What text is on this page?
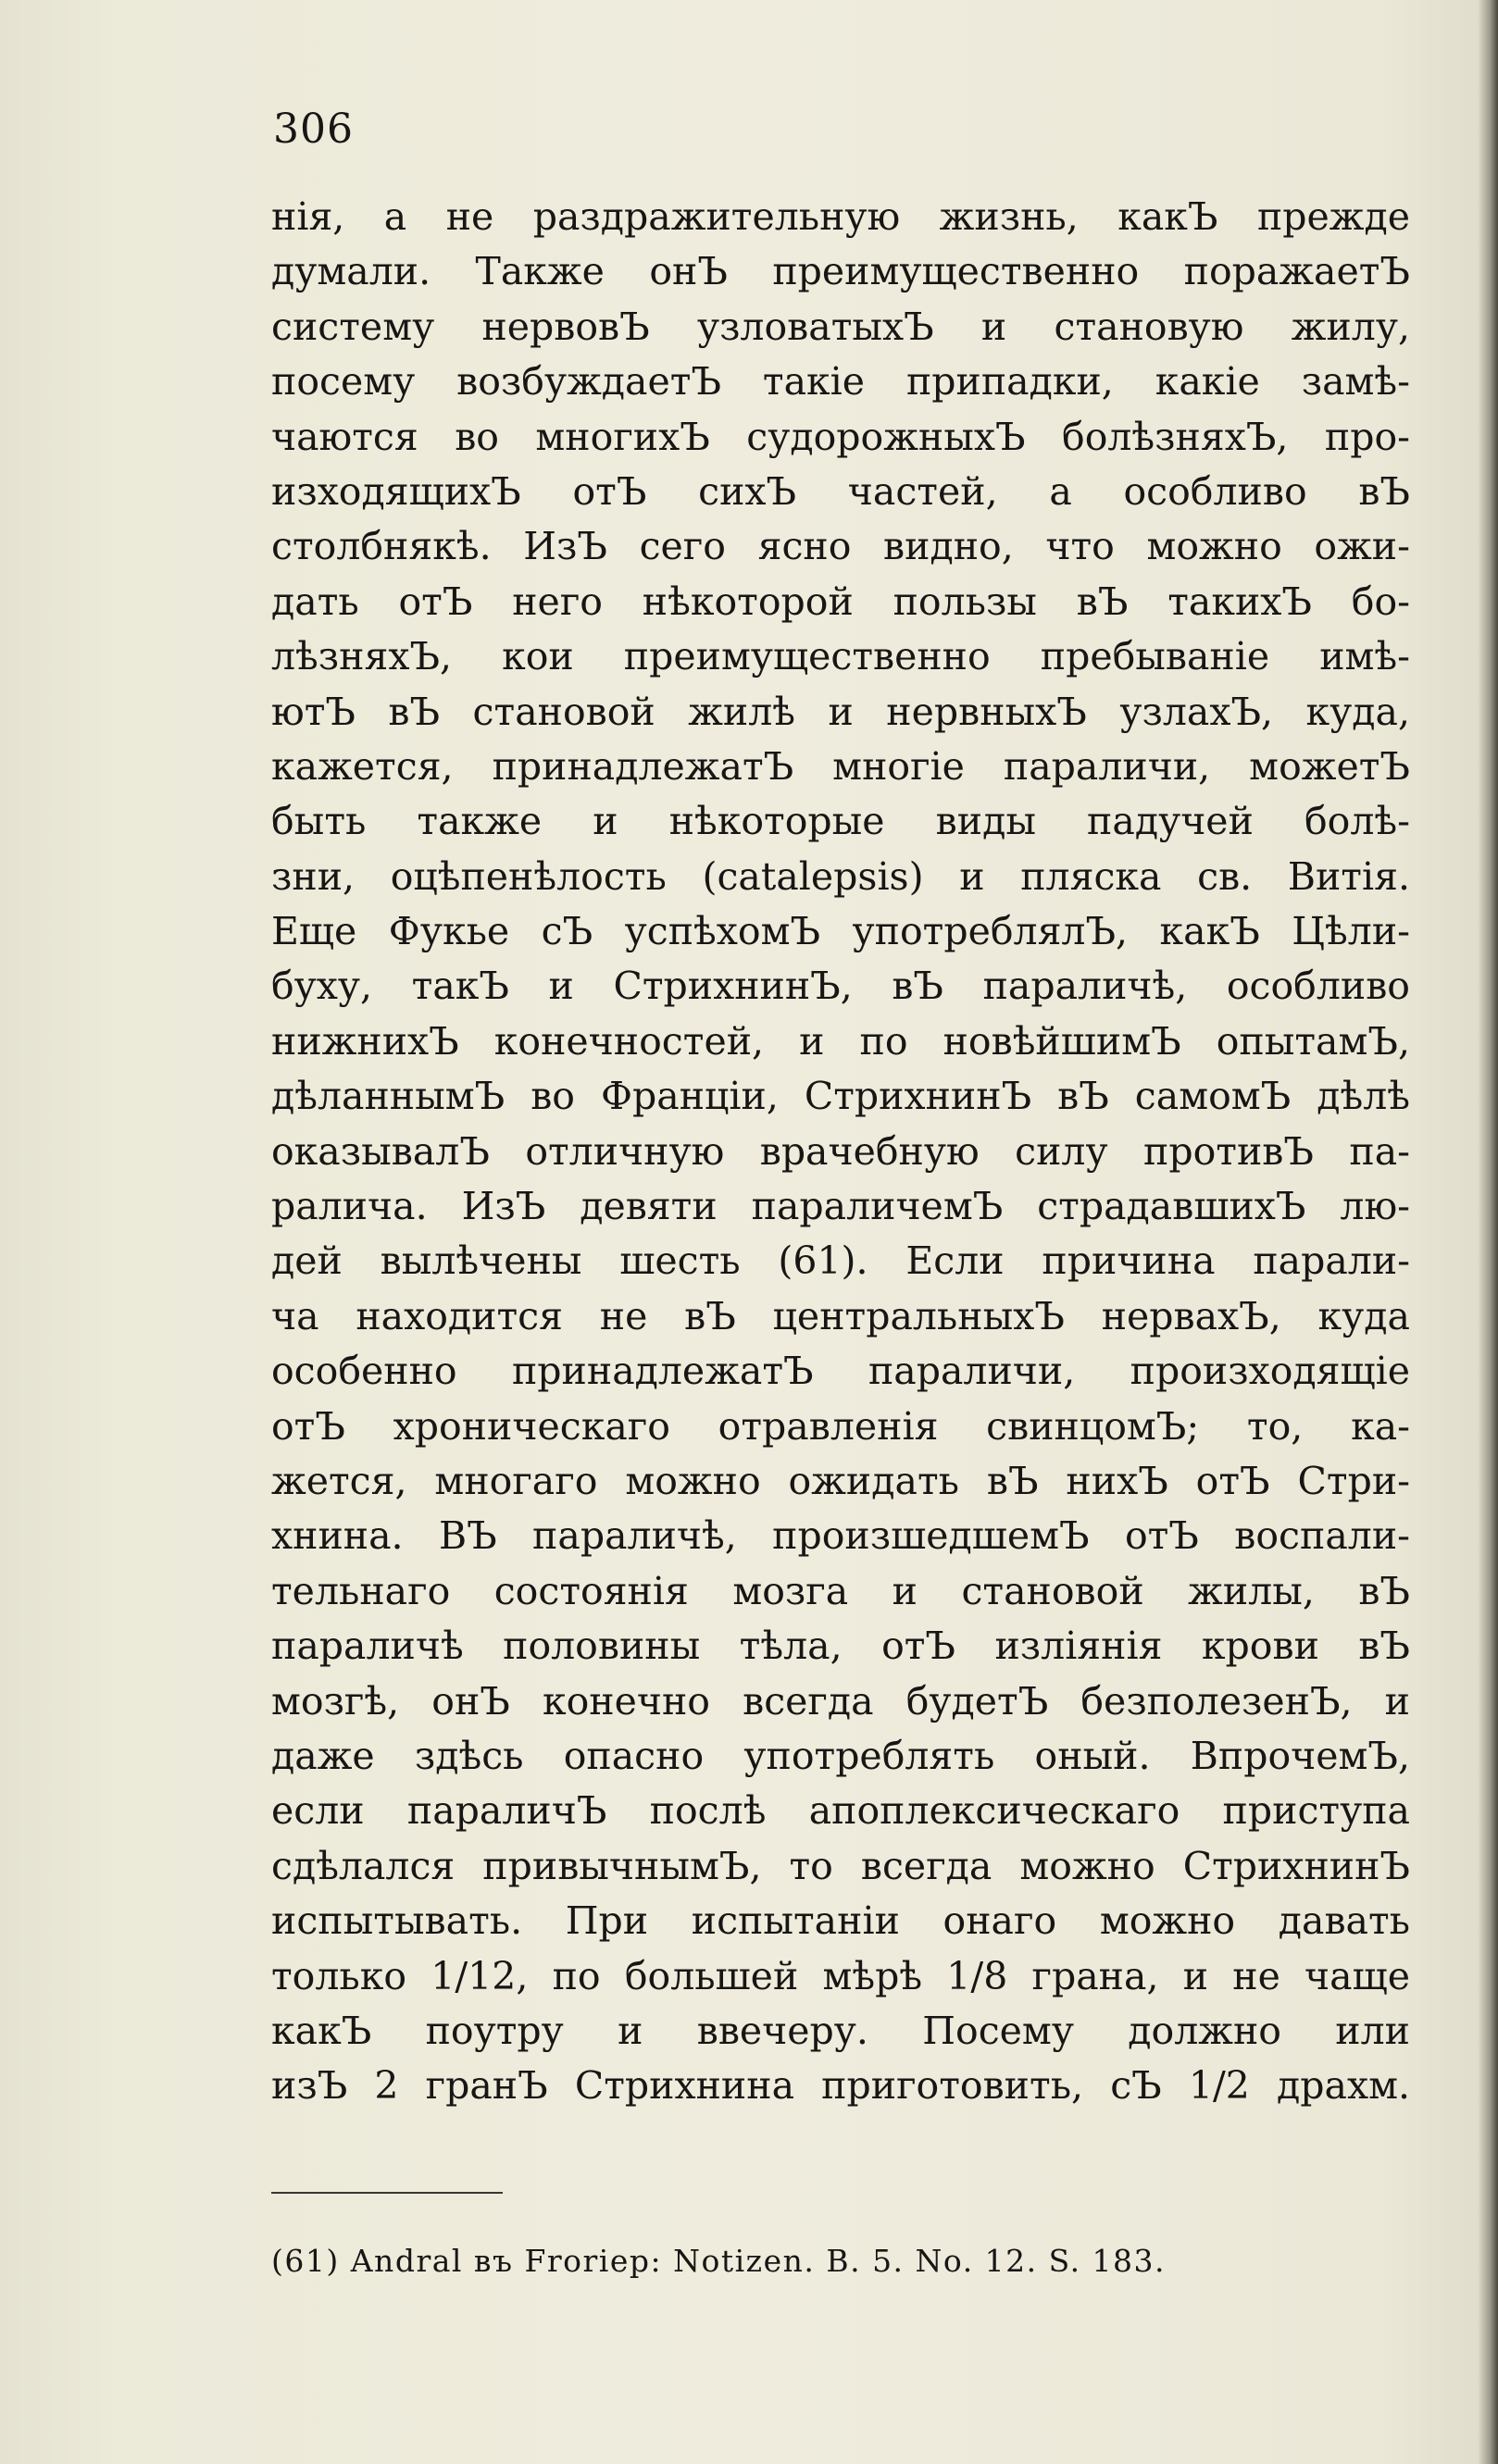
306
нія, а не раздражительную жизнь, какЪ прежде
думали. Также онЪ преимущественно поражаетЪ
систему нервовЪ узловатыхЪ и становую жилу,
посему возбуждаетЪ такіе припадки, какіе замѣ-
чаются во многихЪ судорожныхЪ болѣзняхЪ, про-
изходящихЪ отЪ сихЪ частей, а особливо вЪ
столбнякѣ. ИзЪ сего ясно видно, что можно ожи-
дать отЪ него нѣкоторой пользы вЪ такихЪ бо-
лѣзняхЪ, кои преимущественно пребываніе имѣ-
ютЪ вЪ становой жилѣ и нервныхЪ узлахЪ, куда,
кажется, принадлежатЪ многіе параличи, можетЪ
быть также и нѣкоторые виды падучей болѣ-
зни, оцѣпенѣлость (catalepsis) и пляска св. Витія.
Еще Фукье сЪ успѣхомЪ употреблялЪ, какЪ Цѣли-
буху, такЪ и СтрихнинЪ, вЪ параличѣ, особливо
нижнихЪ конечностей, и по новѣйшимЪ опытамЪ,
дѣланнымЪ во Франціи, СтрихнинЪ вЪ самомЪ дѣлѣ
оказывалЪ отличную врачебную силу противЪ па-
ралича. ИзЪ девяти параличемЪ страдавшихЪ лю-
дей вылѣчены шесть (61). Если причина парали-
ча находится не вЪ центральныхЪ нервахЪ, куда
особенно принадлежатЪ параличи, произходящіе
отЪ хроническаго отравленія свинцомЪ; то, ка-
жется, многаго можно ожидать вЪ нихЪ отЪ Стри-
хнина. ВЪ параличѣ, произшедшемЪ отЪ воспали-
тельнаго состоянія мозга и становой жилы, вЪ
параличѣ половины тѣла, отЪ изліянія крови вЪ
мозгѣ, онЪ конечно всегда будетЪ безполезенЪ, и
даже здѣсь опасно употреблять оный. ВпрочемЪ,
если параличЪ послѣ апоплексическаго приступа
сдѣлался привычнымЪ, то всегда можно СтрихнинЪ
испытывать. При испытаніи онаго можно давать
только 1/12, по большей мѣрѣ 1/8 грана, и не чаще
какЪ поутру и ввечеру. Посему должно или
изЪ 2 гранЪ Стрихнина приготовить, сЪ 1/2 драхм.
(61) Andral въ Froriep: Notizen. B. 5. No. 12. S. 183.
